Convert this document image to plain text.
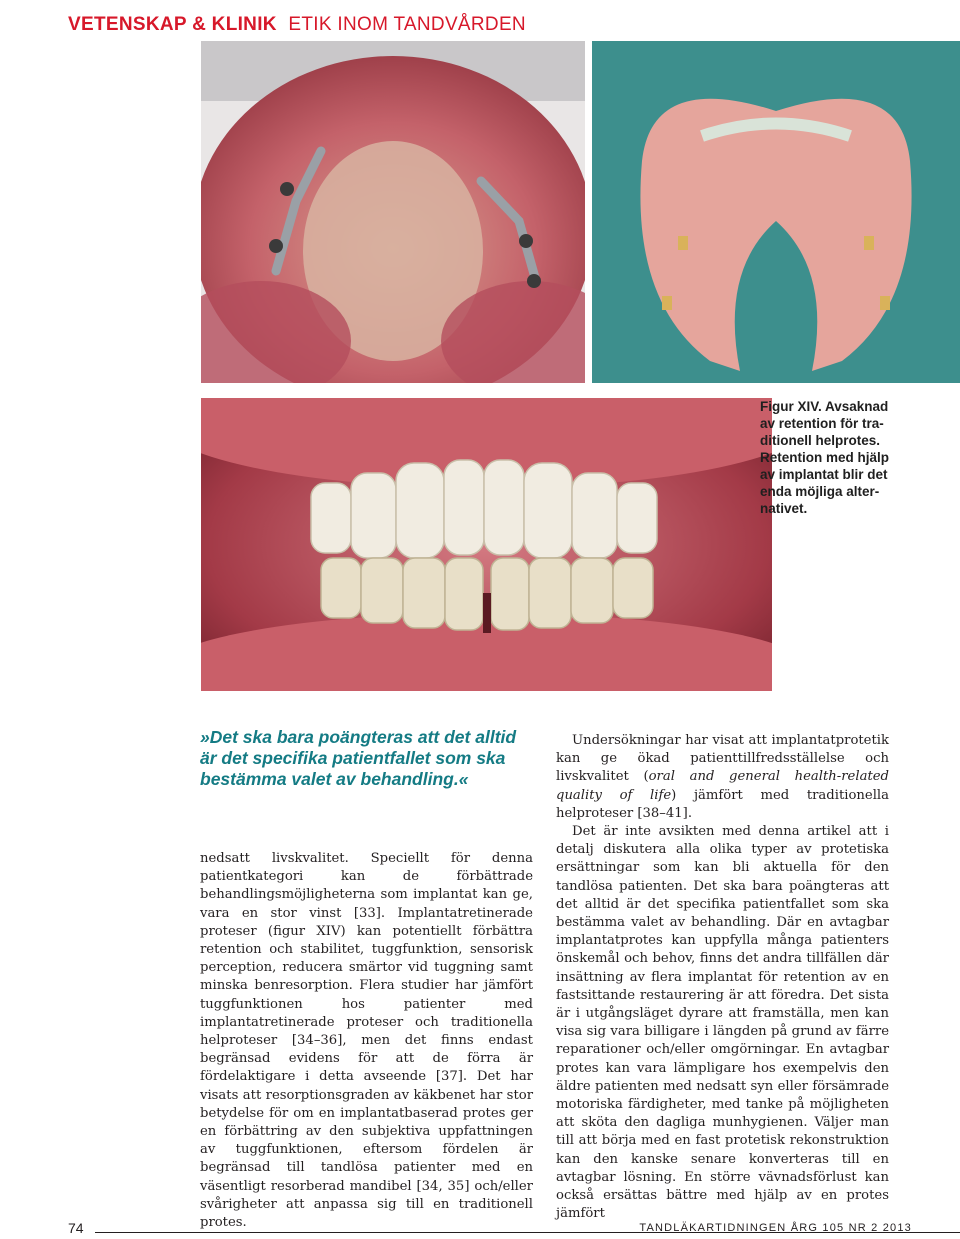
VETENSKAP & KLINIK ETIK INOM TANDVÅRDEN

Figur XIV. Avsaknad

av retention för tra-

ditionell helprotes.

Retention med hjälp

av implantat blir det

enda möjliga alter-

nativet.

»Det ska bara poängteras att det alltid

är det specifika patientfallet som ska

bestämma valet av behandling.«

nedsatt livskvalitet. Speciellt för denna patientkategori kan de förbättrade behandlingsmöjligheterna som implantat kan ge, vara en stor vinst [33]. Implantatretinerade proteser (figur XIV) kan potentiellt förbättra retention och stabilitet, tuggfunktion, sensorisk perception, reducera smärtor vid tuggning samt minska benresorption. Flera studier har jämfört tuggfunktionen hos patienter med implantatretinerade proteser och traditionella helproteser [34–36], men det finns endast begränsad evidens för att de förra är fördelaktigare i detta avseende [37]. Det har visats att resorptionsgraden av käkbenet har stor betydelse för om en implantatbaserad protes ger en förbättring av den subjektiva uppfattningen av tuggfunktionen, eftersom fördelen är begränsad till tandlösa patienter med en väsentligt resorberad mandibel [34, 35] och/eller svårigheter att anpassa sig till en traditionell protes.

Undersökningar har visat att implantatprotetik kan ge ökad patienttillfredsställelse och livskvalitet (oral and general health-related quality of life) jämfört med traditionella helproteser [38–41].

Det är inte avsikten med denna artikel att i detalj diskutera alla olika typer av protetiska ersättningar som kan bli aktuella för den tandlösa patienten. Det ska bara poängteras att det alltid är det specifika patientfallet som ska bestämma valet av behandling. Där en avtagbar implantatprotes kan uppfylla många patienters önskemål och behov, finns det andra tillfällen där insättning av flera implantat för retention av en fastsittande restaurering är att föredra. Det sista är i utgångsläget dyrare att framställa, men kan visa sig vara billigare i längden på grund av färre reparationer och/eller omgörningar. En avtagbar protes kan vara lämpligare hos exempelvis den äldre patienten med nedsatt syn eller försämrade motoriska färdigheter, med tanke på möjligheten att sköta den dagliga munhygienen. Väljer man till att börja med en fast protetisk rekonstruktion kan den kanske senare konverteras till en avtagbar lösning. En större vävnadsförlust kan också ersättas bättre med hjälp av en protes jämfört

74	TANDLÄKARTIDNINGEN ÅRG 105 NR 2 2013
